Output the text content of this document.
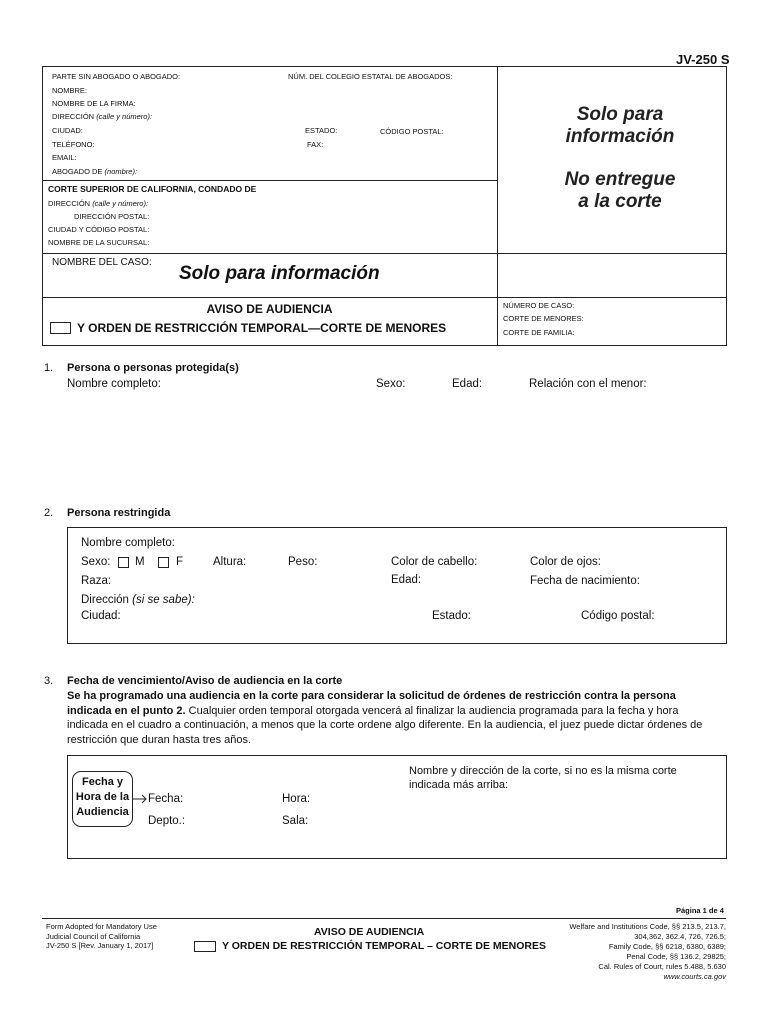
JV-250 S
PARTE SIN ABOGADO O ABOGADO:	NÚM. DEL COLEGIO ESTATAL DE ABOGADOS:
NOMBRE:
NOMBRE DE LA FIRMA:
DIRECCIÓN (calle y número):
CIUDAD:	ESTADO:	CÓDIGO POSTAL:
TELÉFONO:	FAX:
EMAIL:
ABOGADO DE (nombre):
CORTE SUPERIOR DE CALIFORNIA, CONDADO DE
DIRECCIÓN (calle y número):
DIRECCIÓN POSTAL:
CIUDAD Y CÓDIGO POSTAL:
NOMBRE DE LA SUCURSAL:
Solo para
información
No entregue
a la corte
NOMBRE DEL CASO:
Solo para información
AVISO DE AUDIENCIA
Y ORDEN DE RESTRICCIÓN TEMPORAL—CORTE DE MENORES
NÚMERO DE CASO:
CORTE DE MENORES:
CORTE DE FAMILIA:
1. Persona o personas protegida(s)
Nombre completo:	Sexo:	Edad:	Relación con el menor:
2. Persona restringida
Nombre completo:
Sexo: M	F	Altura:	Peso:	Color de cabello:	Color de ojos:
Raza:	Edad:	Fecha de nacimiento:
Dirección (si se sabe):
Ciudad:	Estado:	Código postal:
3. Fecha de vencimiento/Aviso de audiencia en la corte
Se ha programado una audiencia en la corte para considerar la solicitud de órdenes de restricción contra la persona
indicada en el punto 2. Cualquier orden temporal otorgada vencerá al finalizar la audiencia programada para la fecha y hora
indicada en el cuadro a continuación, a menos que la corte ordene algo diferente. En la audiencia, el juez puede dictar órdenes de
restricción que duran hasta tres años.
Fecha y
Hora de la
Audiencia
Fecha:	Hora:
Depto.:	Sala:
Nombre y dirección de la corte, si no es la misma corte
indicada más arriba:
Página 1 de 4
Form Adopted for Mandatory Use
Judicial Council of California
JV-250 S [Rev. January 1, 2017]
AVISO DE AUDIENCIA
Y ORDEN DE RESTRICCIÓN TEMPORAL – CORTE DE MENORES
Welfare and Institutions Code, §§ 213.5, 213.7,
304,362, 362.4, 726, 726.5;
Family Code, §§ 6218, 6380, 6389;
Penal Code, §§ 136.2, 29825;
Cal. Rules of Court, rules 5.488, 5.630
www.courts.ca.gov
